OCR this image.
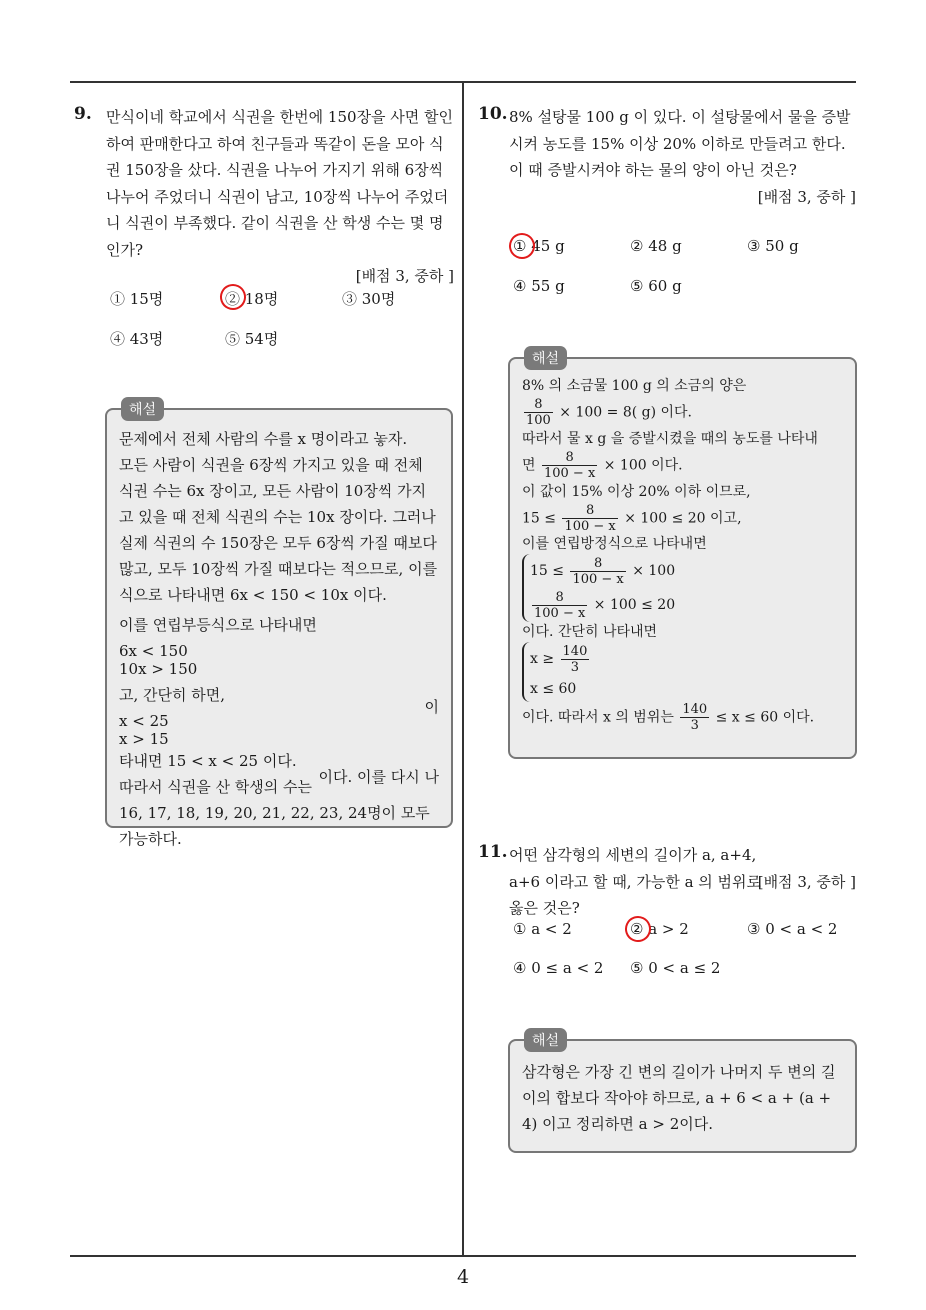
9. 만식이네 학교에서 식권을 한번에 150장을 사면 할인하여 판매한다고 하여 친구들과 똑같이 돈을 모아 식권 150장을 샀다. 식권을 나누어 가지기 위해 6장씩 나누어 주었더니 식권이 남고, 10장씩 나누어 주었더니 식권이 부족했다. 같이 식권을 산 학생 수는 몇 명인가?
[배점 3, 중하 ]
① 15명	② 18명	③ 30명
④ 43명	⑤ 54명
해설

문제에서 전체 사람의 수를 x 명이라고 놓자.

모든 사람이 식권을 6장씩 가지고 있을 때 전체 식권 수는 6x 장이고, 모든 사람이 10장씩 가지고 있을 때 전체 식권의 수는 10x 장이다. 그러나 실제 식권의 수 150장은 모두 6장씩 가질 때보다 많고, 모두 10장씩 가질 때보다는 적으므로, 이를 식으로 나타내면 6x < 150 < 10x 이다.

이를 연립부등식으로 나타내면

6x < 150
10x > 150
이

고, 간단히 하면,

x < 25
x > 15
이다. 이를 다시 나

타내면 15 < x < 25 이다.

따라서 식권을 산 학생의 수는 16, 17, 18, 19, 20, 21, 22, 23, 24명이 모두 가능하다.

10. 8% 설탕물 100 g 이 있다. 이 설탕물에서 물을 증발시켜 농도를 15% 이상 20% 이하로 만들려고 한다. 이 때 증발시켜야 하는 물의 양이 아닌 것은?
[배점 3, 중하 ]
① 45 g	② 48 g	③ 50 g
④ 55 g	⑤ 60 g
해설

8% 의 소금물 100 g 의 소금의 양은

$\frac{8}{100} \times 100 = 8$( g) 이다.

따라서 물 x g 을 증발시켰을 때의 농도를 나타내

면 $\frac{8}{100 - x} \times 100$ 이다.

이 값이 15% 이상 20% 이하 이므로,

$15 \le \frac{8}{100 - x} \times 100 \le 20$ 이고,

이를 연립방정식으로 나타내면

$15 \le \frac{8}{100 - x} \times 100$
$\frac{8}{100 - x} \times 100 \le 20$

이다. 간단히 나타내면

$x \ge \frac{140}{3}$
x ≤ 60

이다. 따라서 x 의 범위는 $\frac{140}{3} \le x \le 60$ 이다.

11. 어떤 삼각형의 세변의 길이가 a, a+4, a+6 이라고 할 때, 가능한 a 의 범위로 옳은 것은?
[배점 3, 중하 ]
① a < 2	② a > 2	③ 0 < a < 2
④ 0 ≤ a < 2 ⑤ 0 < a ≤ 2
해설

삼각형은 가장 긴 변의 길이가 나머지 두 변의 길이의 합보다 작아야 하므로, a + 6 < a + (a + 4) 이고 정리하면 a > 2이다.

4
